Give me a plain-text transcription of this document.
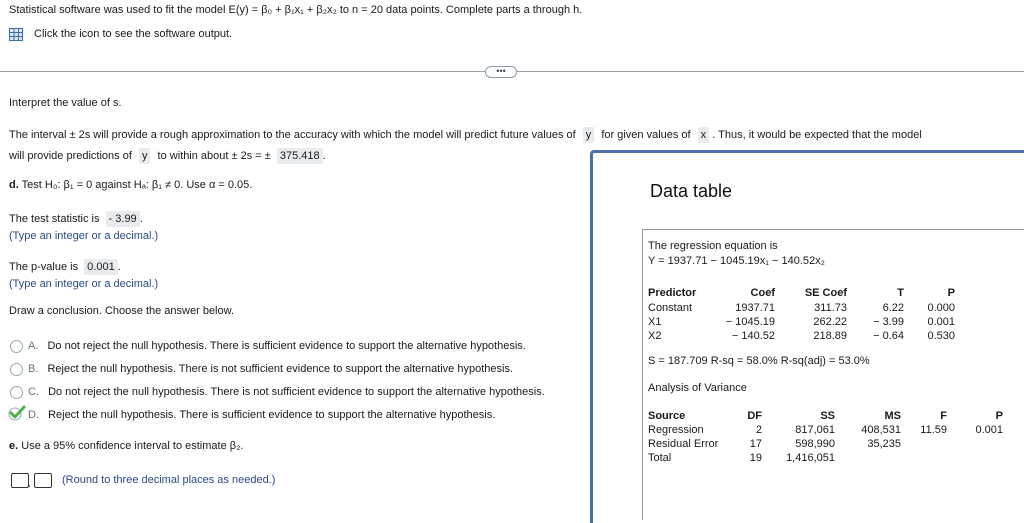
Statistical software was used to fit the model E(y) = β₀ + β₁x₁ + β₂x₂ to n = 20 data points. Complete parts a through h.
Click the icon to see the software output.
•••
Interpret the value of s.
The interval ± 2s will provide a rough approximation to the accuracy with which the model will predict future values of y for given values of x . Thus, it would be expected that the model
will provide predictions of y to within about ± 2s = ± 375.418 .
d. Test H₀: β₁ = 0 against Hₐ: β₁ ≠ 0. Use α = 0.05.
The test statistic is - 3.99 .
(Type an integer or a decimal.)
The p-value is 0.001 .
(Type an integer or a decimal.)
Draw a conclusion. Choose the answer below.
A. Do not reject the null hypothesis. There is sufficient evidence to support the alternative hypothesis.
B. Reject the null hypothesis. There is not sufficient evidence to support the alternative hypothesis.
C. Do not reject the null hypothesis. There is not sufficient evidence to support the alternative hypothesis.
D. Reject the null hypothesis. There is sufficient evidence to support the alternative hypothesis.
e. Use a 95% confidence interval to estimate β₂.
,	(Round to three decimal places as needed.)
Data table
The regression equation is
Y = 1937.71 − 1045.19x₁ − 140.52x₂
Predictor	Coef	SE Coef	T	P
Constant	1937.71	311.73	6.22	0.000
X1	− 1045.19	262.22	− 3.99	0.001
X2	− 140.52	218.89	− 0.64	0.530
S = 187.709 R-sq = 58.0% R-sq(adj) = 53.0%
Analysis of Variance
Source	DF	SS	MS	F	P
Regression	2	817,061	408,531	11.59	0.001
Residual Error	17	598,990	35,235
Total	19 1,416,051
